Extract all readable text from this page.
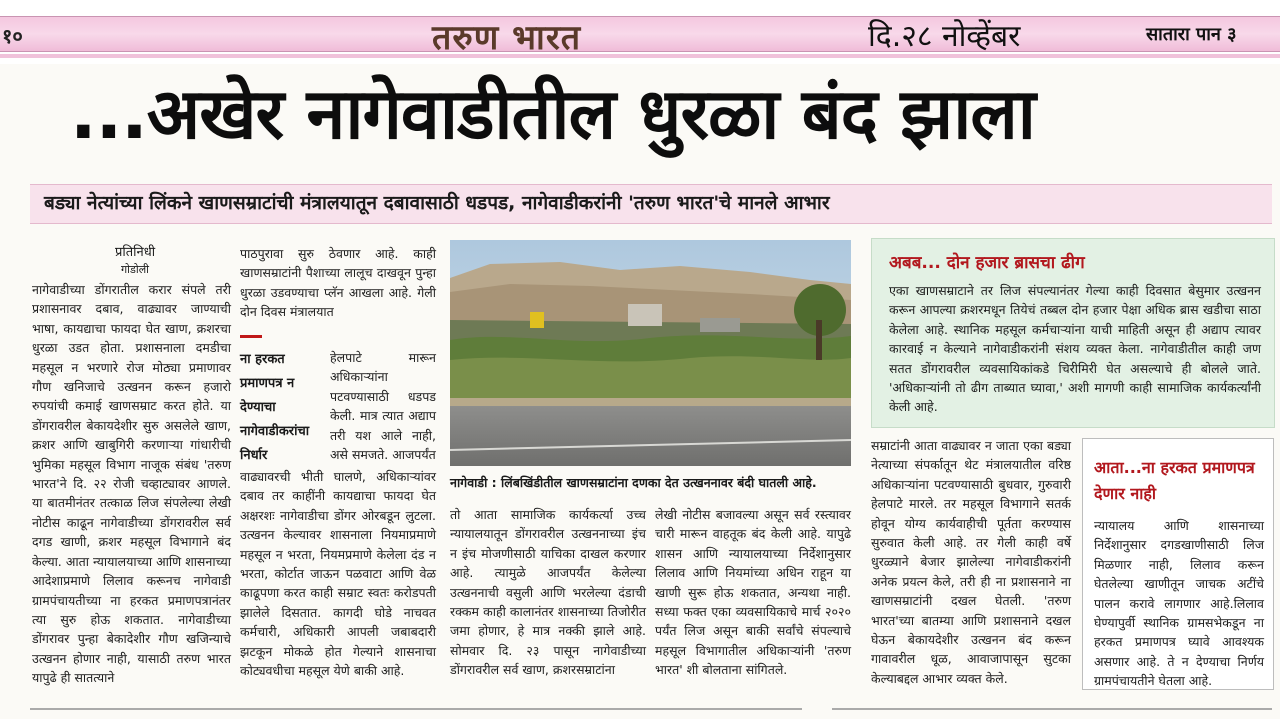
१०	तरुण भारत	दि.२८ नोव्हेंबर	सातारा पान ३
...अखेर नागेवाडीतील धुरळा बंद झाला
बड्या नेत्यांच्या लिंकने खाणसम्राटांची मंत्रालयातून दबावासाठी धडपड, नागेवाडीकरांनी 'तरुण भारत'चे मानले आभार
प्रतिनिधी
गोडोली

नागेवाडीच्या डोंगरातील करार संपले तरी प्रशासनावर दबाव, वाढ्यावर जाण्याची भाषा, कायद्याचा फायदा घेत खाण, क्रशरचा धुरळा उडत होता. प्रशासनाला दमडीचा महसूल न भरणारे रोज मोठ्या प्रमाणावर गौण खनिजाचे उत्खनन करून हजारो रुपयांची कमाई खाणसम्राट करत होते. या डोंगरावरील बेकायदेशीर सुरु असलेले खाण, क्रशर आणि खाबुगिरी करणाऱ्या गांधारीची भुमिका महसूल विभाग नाजूक संबंध 'तरुण भारत'ने दि. २२ रोजी चव्हाट्यावर आणले. या बातमीनंतर तत्काळ लिज संपलेल्या लेखी नोटीस काढून नागेवाडीच्या डोंगरावरील सर्व दगड खाणी, क्रशर महसूल विभागाने बंद केल्या. आता न्यायालयाच्या आणि शासनाच्या आदेशाप्रमाणे लिलाव करूनच नागेवाडी ग्रामपंचायतीच्या ना हरकत प्रमाणपत्रानंतर त्या सुरु होऊ शकतात. नागेवाडीच्या डोंगरावर पुन्हा बेकादेशीर गौण खजिन्याचे उत्खनन होणार नाही, यासाठी तरुण भारत यापुढे ही सातत्याने

पाठपुरावा सुरु ठेवणार आहे. काही खाणसम्राटांनी पैशाच्या लालूच दाखवून पुन्हा धुरळा उडवण्याचा प्लॅन आखला आहे. गेली दोन दिवस मंत्रालयात

ना हरकत प्रमाणपत्र न देण्याचा नागेवाडीकरांचा निर्धार

हेलपाटे मारून अधिकाऱ्यांना पटवण्यासाठी धडपड केली. मात्र त्यात अद्याप तरी यश आले नाही, असे समजते. आजपर्यंत

वाढ्यावरची भीती घालणे, अधिकाऱ्यांवर दबाव तर काहींनी कायद्याचा फायदा घेत अक्षरशः नागेवाडीचा डोंगर ओरबडून लुटला. उत्खनन केल्यावर शासनाला नियमाप्रमाणे महसूल न भरता, नियमप्रमाणे केलेला दंड न भरता, कोर्टात जाऊन पळवाटा आणि वेळ काढूपणा करत काही सम्राट स्वतः करोडपती झालेले दिसतात. कागदी घोडे नाचवत कर्मचारी, अधिकारी आपली जबाबदारी झटकून मोकळे होत गेल्याने शासनाचा कोट्यवधीचा महसूल येणे बाकी आहे.

नागेवाडी : लिंबखिंडीतील खाणसम्राटांना दणका देत उत्खननावर बंदी घातली आहे.

तो आता सामाजिक कार्यकर्त्या उच्च न्यायालयातून डोंगरावरील उत्खननाच्या इंच न इंच मोजणीसाठी याचिका दाखल करणार आहे. त्यामुळे आजपर्यंत केलेल्या उत्खननाची वसुली आणि भरलेल्या दंडाची रक्कम काही कालानंतर शासनाच्या तिजोरीत जमा होणार, हे मात्र नक्की झाले आहे. सोमवार दि. २३ पासून नागेवाडीच्या डोंगरावरील सर्व खाण, क्रशरसम्राटांना

लेखी नोटीस बजावल्या असून सर्व रस्त्यावर चारी मारून वाहतूक बंद केली आहे. यापुढे शासन आणि न्यायालयाच्या निर्देशानुसार लिलाव आणि नियमांच्या अधिन राहून या खाणी सुरू होऊ शकतात, अन्यथा नाही. सध्या फक्त एका व्यवसायिकाचे मार्च २०२० पर्यंत लिज असून बाकी सर्वांचे संपल्याचे महसूल विभागातील अधिकाऱ्यांनी 'तरुण भारत' शी बोलताना सांगितले.

अबब... दोन हजार ब्रासचा ढीग

एका खाणसम्राटाने तर लिज संपल्यानंतर गेल्या काही दिवसात बेसुमार उत्खनन करून आपल्या क्रशरमधून तियेचं तब्बल दोन हजार पेक्षा अधिक ब्रास खडीचा साठा केलेला आहे. स्थानिक महसूल कर्मचाऱ्यांना याची माहिती असून ही अद्याप त्यावर कारवाई न केल्याने नागेवाडीकरांनी संशय व्यक्त केला. नागेवाडीतील काही जण सतत डोंगरावरील व्यवसायिकांकडे चिरीमिरी घेत असल्याचे ही बोलले जाते. 'अधिकाऱ्यांनी तो ढीग ताब्यात घ्यावा,' अशी मागणी काही सामाजिक कार्यकर्त्यांनी केली आहे.

सम्राटांनी आता वाढ्यावर न जाता एका बड्या नेत्याच्या संपर्कातून थेट मंत्रालयातील वरिष्ठ अधिकाऱ्यांना पटवण्यासाठी बुधवार, गुरुवारी हेलपाटे मारले. तर महसूल विभागाने सतर्क होवून योग्य कार्यवाहीची पूर्तता करण्यास सुरुवात केली आहे. तर गेली काही वर्षे धुरळ्याने बेजार झालेल्या नागेवाडीकरांनी अनेक प्रयत्न केले, तरी ही ना प्रशासनाने ना खाणसम्राटांनी दखल घेतली. 'तरुण भारत'च्या बातम्या आणि प्रशासनाने दखल घेऊन बेकायदेशीर उत्खनन बंद करून गावावरील धूळ, आवाजापासून सुटका केल्याबद्दल आभार व्यक्त केले.

आता...ना हरकत प्रमाणपत्र देणार नाही

न्यायालय आणि शासनाच्या निर्देशानुसार दगडखाणीसाठी लिज मिळणार नाही, लिलाव करून घेतलेल्या खाणीतून जाचक अटींचे पालन करावे लागणार आहे.लिलाव घेण्यापुर्वी स्थानिक ग्रामसभेकडून ना हरकत प्रमाणपत्र घ्यावे आवश्यक असणार आहे. ते न देण्याचा निर्णय ग्रामपंचायतीने घेतला आहे.
